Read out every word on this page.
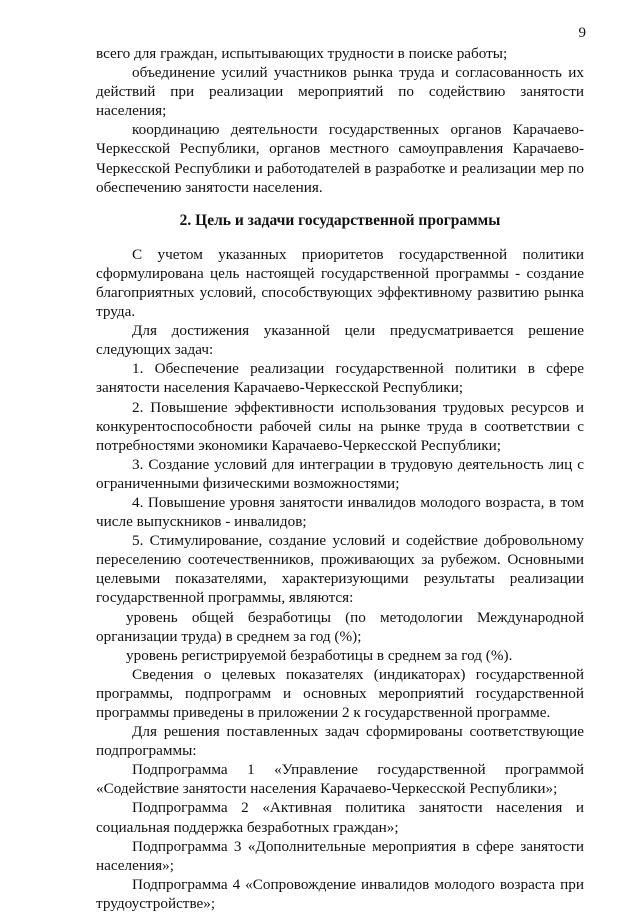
9

всего для граждан, испытывающих трудности в поиске работы;

объединение усилий участников рынка труда и согласованность их действий при реализации мероприятий по содействию занятости населения;

координацию деятельности государственных органов Карачаево-Черкесской Республики, органов местного самоуправления Карачаево-Черкесской Республики и работодателей в разработке и реализации мер по обеспечению занятости населения.

2. Цель и задачи государственной программы

С учетом указанных приоритетов государственной политики сформулирована цель настоящей государственной программы - создание благоприятных условий, способствующих эффективному развитию рынка труда.

Для достижения указанной цели предусматривается решение следующих задач:

1. Обеспечение реализации государственной политики в сфере занятости населения Карачаево-Черкесской Республики;

2. Повышение эффективности использования трудовых ресурсов и конкурентоспособности рабочей силы на рынке труда в соответствии с потребностями экономики Карачаево-Черкесской Республики;

3. Создание условий для интеграции в трудовую деятельность лиц с ограниченными физическими возможностями;

4. Повышение уровня занятости инвалидов молодого возраста, в том числе выпускников - инвалидов;

5. Стимулирование, создание условий и содействие добровольному переселению соотечественников, проживающих за рубежом. Основными целевыми показателями, характеризующими результаты реализации государственной программы, являются:

уровень общей безработицы (по методологии Международной организации труда) в среднем за год (%);

уровень регистрируемой безработицы в среднем за год (%).

Сведения о целевых показателях (индикаторах) государственной программы, подпрограмм и основных мероприятий государственной программы приведены в приложении 2 к государственной программе.

Для решения поставленных задач сформированы соответствующие подпрограммы:

Подпрограмма 1 «Управление государственной программой «Содействие занятости населения Карачаево-Черкесской Республики»;

Подпрограмма 2 «Активная политика занятости населения и социальная поддержка безработных граждан»;

Подпрограмма 3 «Дополнительные мероприятия в сфере занятости населения»;

Подпрограмма 4 «Сопровождение инвалидов молодого возраста при трудоустройстве»;
